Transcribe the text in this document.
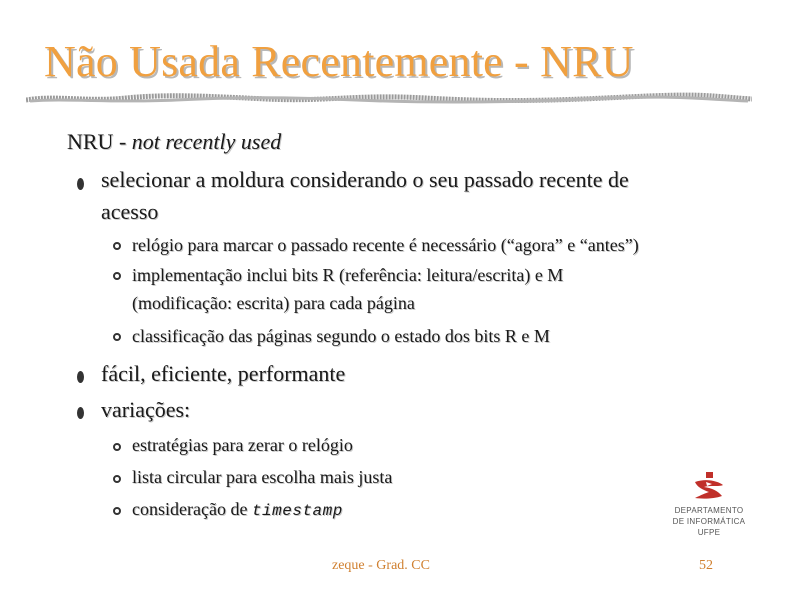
Não Usada Recentemente - NRU
NRU - not recently used
selecionar a moldura considerando o seu passado recente de
acesso
relógio para marcar o passado recente é necessário (“agora” e “antes”)
implementação inclui bits R (referência: leitura/escrita) e M
(modificação: escrita) para cada página
classificação das páginas segundo o estado dos bits R e M
fácil, eficiente, performante
variações:
estratégias para zerar o relógio
lista circular para escolha mais justa
consideração de timestamp	DEPARTAMENTO
DE INFORMÁTICA
UFPE
zeque - Grad. CC	52
